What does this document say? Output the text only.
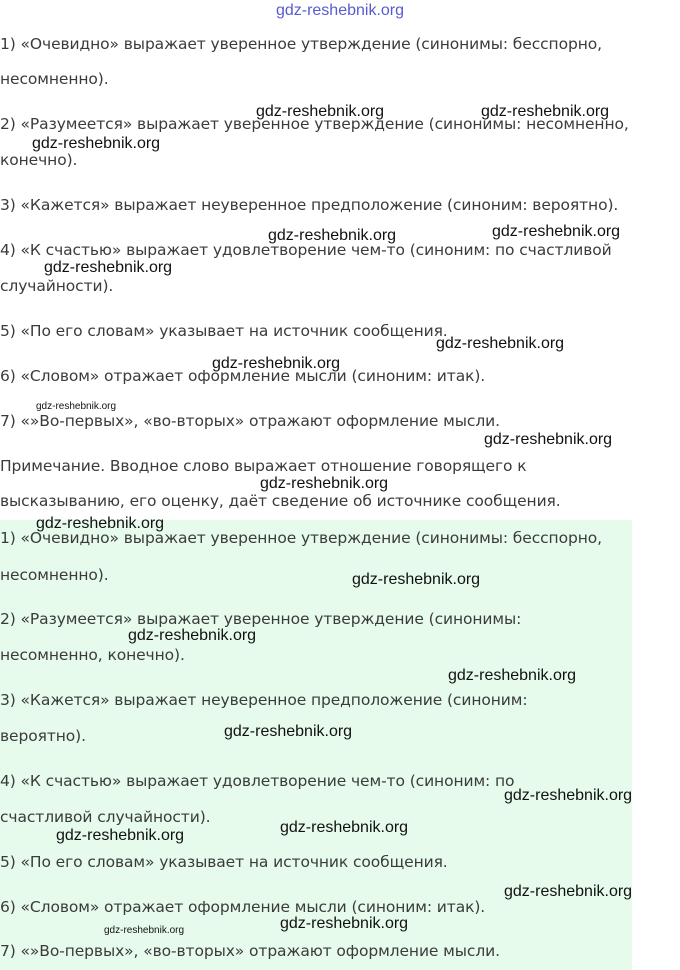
gdz-reshebnik.org
1) «Очевидно» выражает уверенное утверждение (синонимы: бесспорно,
несомненно).
2) «Разумеется» выражает уверенное утверждение (синонимы: несомненно,
конечно).
3) «Кажется» выражает неуверенное предположение (синоним: вероятно).
4) «К счастью» выражает удовлетворение чем-то (синоним: по счастливой
случайности).
5) «По его словам» указывает на источник сообщения.
6) «Словом» отражает оформление мысли (синоним: итак).
7) «»Во-первых», «во-вторых» отражают оформление мысли.
Примечание. Вводное слово выражает отношение говорящего к
высказыванию, его оценку, даёт сведение об источнике сообщения.
1) «Очевидно» выражает уверенное утверждение (синонимы: бесспорно,
несомненно).
2) «Разумеется» выражает уверенное утверждение (синонимы:
несомненно, конечно).
3) «Кажется» выражает неуверенное предположение (синоним:
вероятно).
4) «К счастью» выражает удовлетворение чем-то (синоним: по
счастливой случайности).
5) «По его словам» указывает на источник сообщения.
6) «Словом» отражает оформление мысли (синоним: итак).
7) «»Во-первых», «во-вторых» отражают оформление мысли.
gdz-reshebnik.org	gdz-reshebnik.org
gdz-reshebnik.org
gdz-reshebnik.org	gdz-reshebnik.org
gdz-reshebnik.org
gdz-reshebnik.org
gdz-reshebnik.org
gdz-reshebnik.org
gdz-reshebnik.org
gdz-reshebnik.org
gdz-reshebnik.org
gdz-reshebnik.org
gdz-reshebnik.org
gdz-reshebnik.org
gdz-reshebnik.org
gdz-reshebnik.org
gdz-reshebnik.org
gdz-reshebnik.org
gdz-reshebnik.org
gdz-reshebnik.org
gdz-reshebnik.org
